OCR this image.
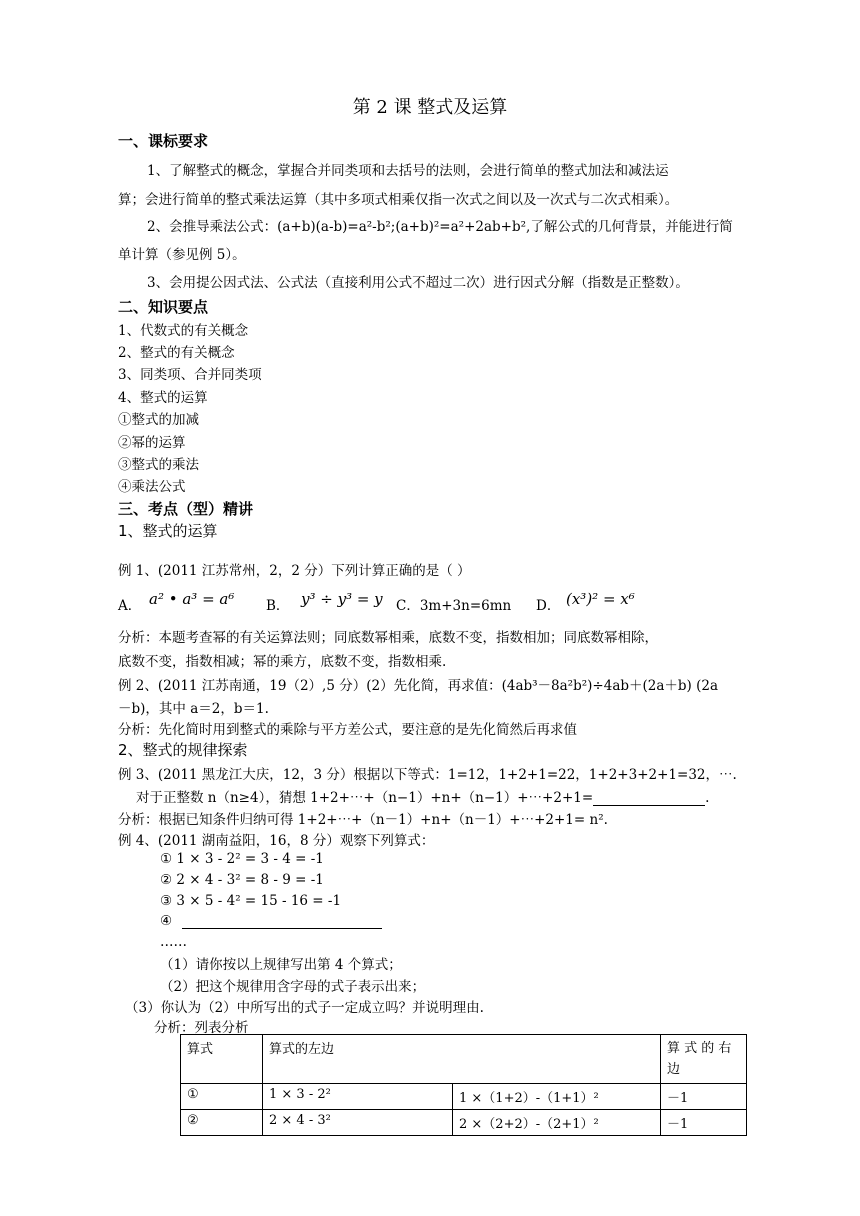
第 2 课 整式及运算
一、课标要求
1、了解整式的概念，掌握合并同类项和去括号的法则，会进行简单的整式加法和减法运
算；会进行简单的整式乘法运算（其中多项式相乘仅指一次式之间以及一次式与二次式相乘）。
2、会推导乘法公式：(a+b)(a-b)=a²-b²;(a+b)²=a²+2ab+b²,了解公式的几何背景，并能进行简
单计算（参见例 5）。
3、会用提公因式法、公式法（直接利用公式不超过二次）进行因式分解（指数是正整数）。
二、知识要点
1、代数式的有关概念
2、整式的有关概念
3、同类项、合并同类项
4、整式的运算
①整式的加减
②幂的运算
③整式的乘法
④乘法公式
三、考点（型）精讲
1、整式的运算
例 1、(2011 江苏常州，2，2 分）下列计算正确的是（ ）
A． a² • a³ = a⁶ B． y³ ÷ y³ = y C．3m+3n=6mn D． (x³)² = x⁶
分析：本题考查幂的有关运算法则；同底数幂相乘，底数不变，指数相加；同底数幂相除，
底数不变，指数相减；幂的乘方，底数不变，指数相乘.
例 2、(2011 江苏南通，19（2）,5 分）(2）先化简，再求值：(4ab³－8a²b²)÷4ab＋(2a＋b) (2a
－b)，其中 a＝2，b＝1.
分析：先化简时用到整式的乘除与平方差公式，要注意的是先化简然后再求值
2、整式的规律探索
例 3、(2011 黑龙江大庆，12，3 分）根据以下等式：1=12，1+2+1=22，1+2+3+2+1=32，⋯.
对于正整数 n（n≥4），猜想 1+2+⋯+（n−1）+n+（n−1）+⋯+2+1=	.
分析：根据已知条件归纳可得 1+2+⋯+（n－1）+n+（n－1）+⋯+2+1= n².
例 4、(2011 湖南益阳，16，8 分）观察下列算式：
① 1 × 3 - 2² = 3 - 4 = -1
② 2 × 4 - 3² = 8 - 9 = -1
③ 3 × 5 - 4² = 15 - 16 = -1
④
……
（1）请你按以上规律写出第 4 个算式；
（2）把这个规律用含字母的式子表示出来；
（3）你认为（2）中所写出的式子一定成立吗？并说明理由.
分析：列表分析
算式	算式的左边		算 式 的 右 边
①	1 × 3 - 2²	1 ×（1+2）-（1+1）²	－1
②	2 × 4 - 3²	2 ×（2+2）-（2+1）²	－1
